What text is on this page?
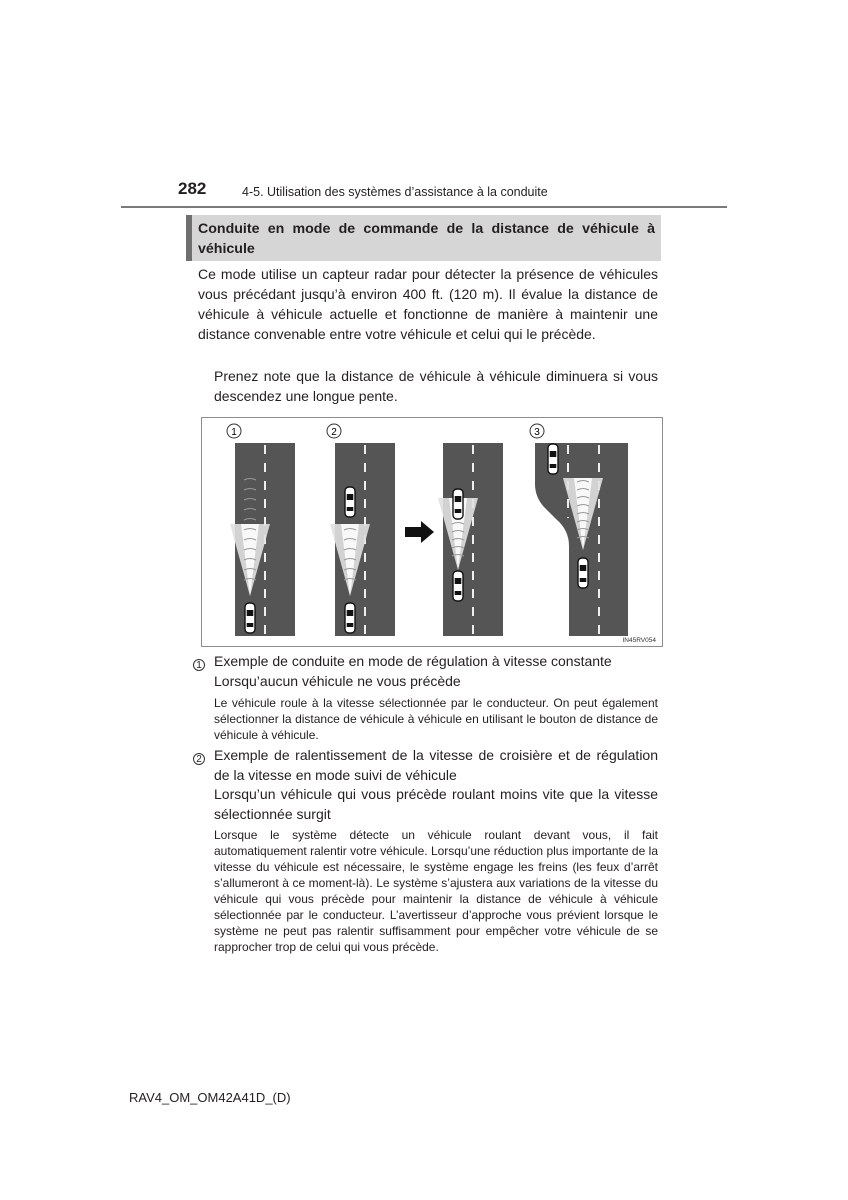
282	4-5. Utilisation des systèmes d’assistance à la conduite
Conduite en mode de commande de la distance de véhicule à véhicule
Ce mode utilise un capteur radar pour détecter la présence de véhicules vous précédant jusqu’à environ 400 ft. (120 m). Il évalue la distance de véhicule à véhicule actuelle et fonctionne de manière à maintenir une distance convenable entre votre véhicule et celui qui le précède.
Prenez note que la distance de véhicule à véhicule diminuera si vous descendez une longue pente.
1	2	3
IN45RV054
1 Exemple de conduite en mode de régulation à vitesse constante
Lorsqu’aucun véhicule ne vous précède
Le véhicule roule à la vitesse sélectionnée par le conducteur. On peut également sélectionner la distance de véhicule à véhicule en utilisant le bouton de distance de véhicule à véhicule.
2 Exemple de ralentissement de la vitesse de croisière et de régulation de la vitesse en mode suivi de véhicule
Lorsqu’un véhicule qui vous précède roulant moins vite que la vitesse sélectionnée surgit
Lorsque le système détecte un véhicule roulant devant vous, il fait automatiquement ralentir votre véhicule. Lorsqu’une réduction plus importante de la vitesse du véhicule est nécessaire, le système engage les freins (les feux d’arrêt s’allumeront à ce moment-là). Le système s’ajustera aux variations de la vitesse du véhicule qui vous précède pour maintenir la distance de véhicule à véhicule sélectionnée par le conducteur. L’avertisseur d’approche vous prévient lorsque le système ne peut pas ralentir suffisamment pour empêcher votre véhicule de se rapprocher trop de celui qui vous précède.
RAV4_OM_OM42A41D_(D)
